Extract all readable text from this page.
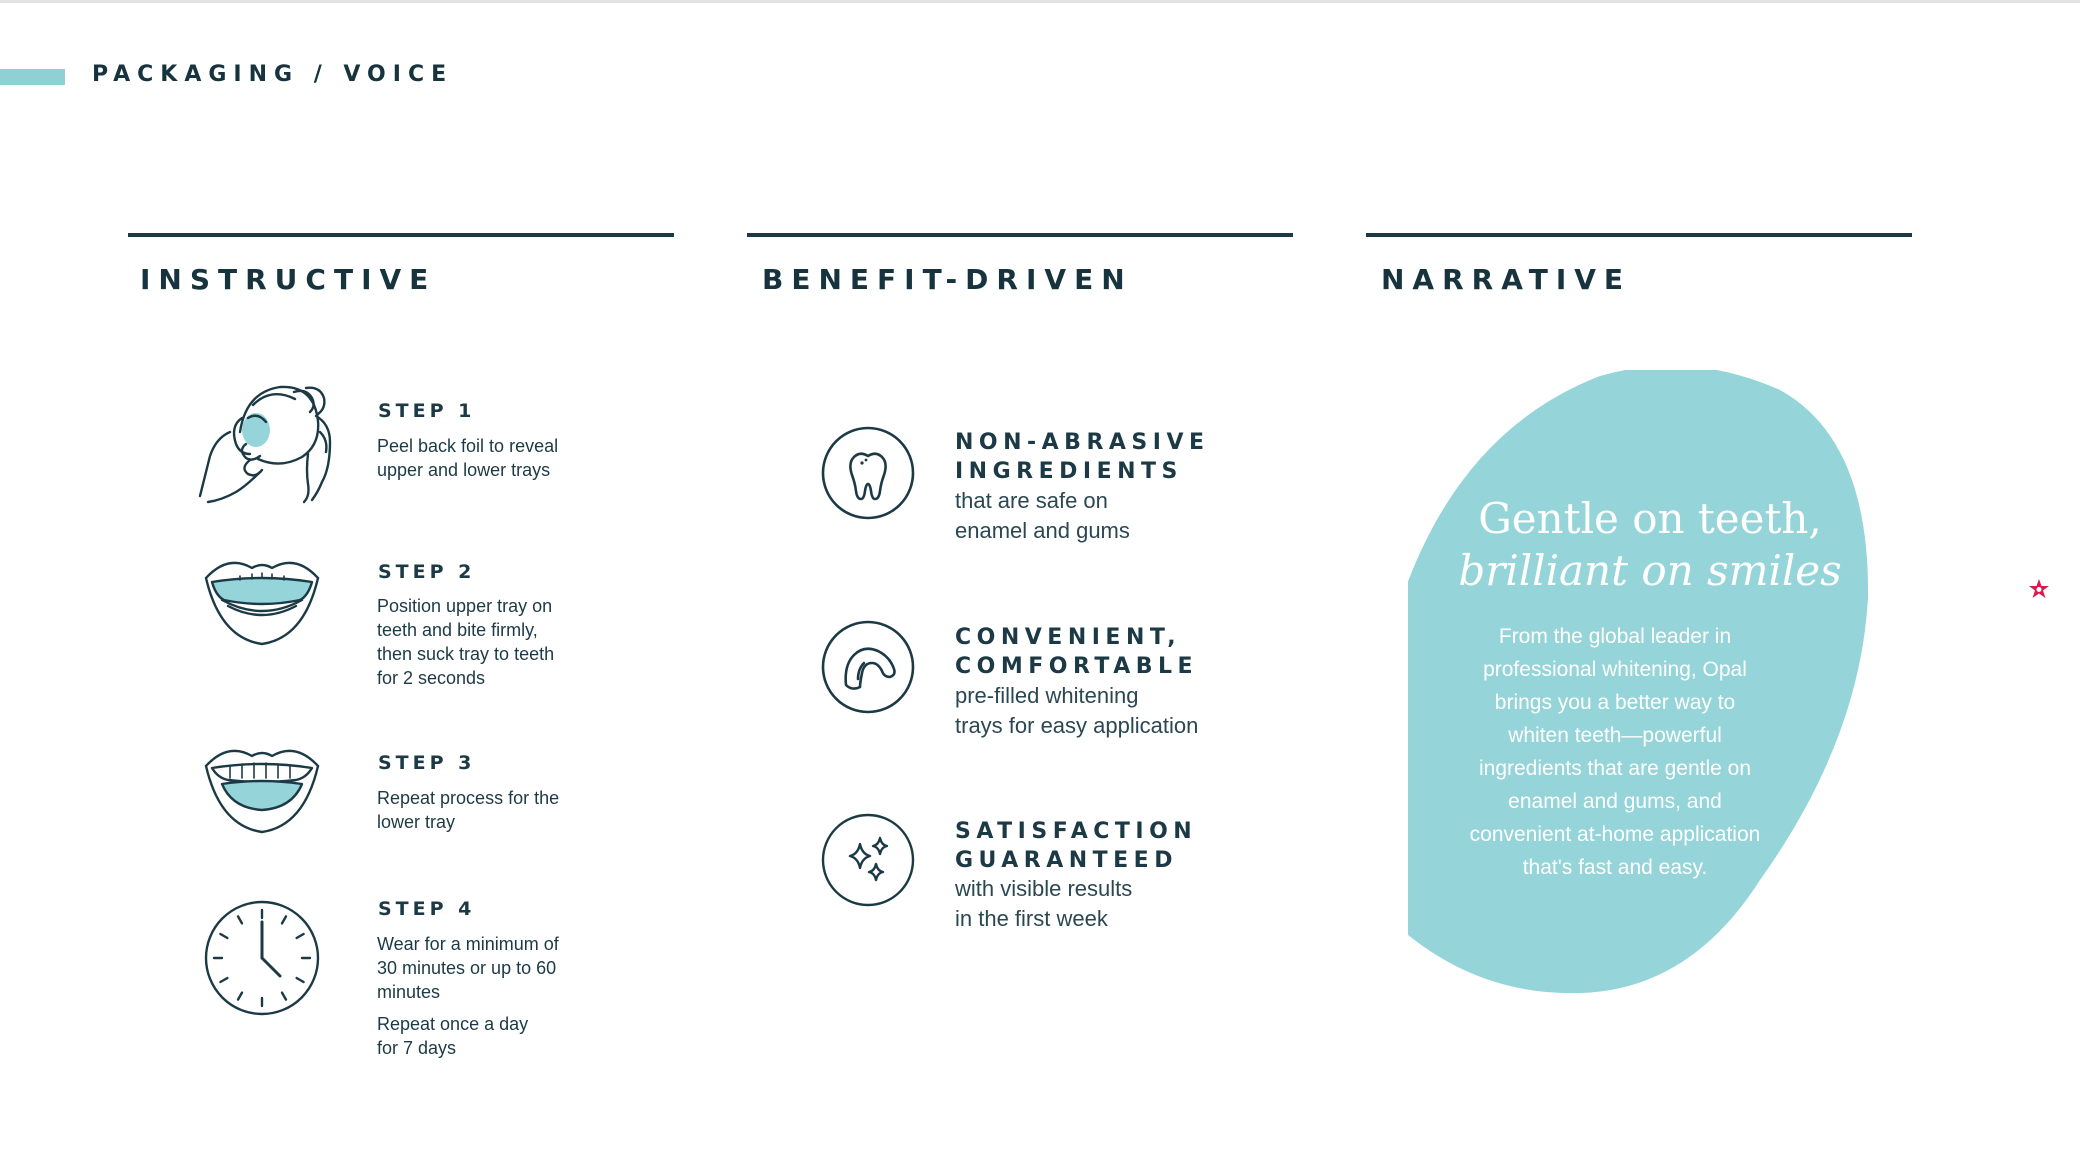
PACKAGING / VOICE
INSTRUCTIVE	BENEFIT-DRIVEN	NARRATIVE
STEP 1

Peel back foil to reveal
upper and lower trays

STEP 2

Position upper tray on
teeth and bite firmly,
then suck tray to teeth
for 2 seconds

STEP 3

Repeat process for the
lower tray

STEP 4

Wear for a minimum of
30 minutes or up to 60
minutes

Repeat once a day
for 7 days

NON-ABRASIVE
INGREDIENTS

that are safe on
enamel and gums

CONVENIENT,
COMFORTABLE

pre-filled whitening
trays for easy application

SATISFACTION
GUARANTEED

with visible results
in the first week

Gentle on teeth,
brilliant on smiles

From the global leader in
professional whitening, Opal
brings you a better way to
whiten teeth—powerful
ingredients that are gentle on
enamel and gums, and
convenient at-home application
that's fast and easy.
